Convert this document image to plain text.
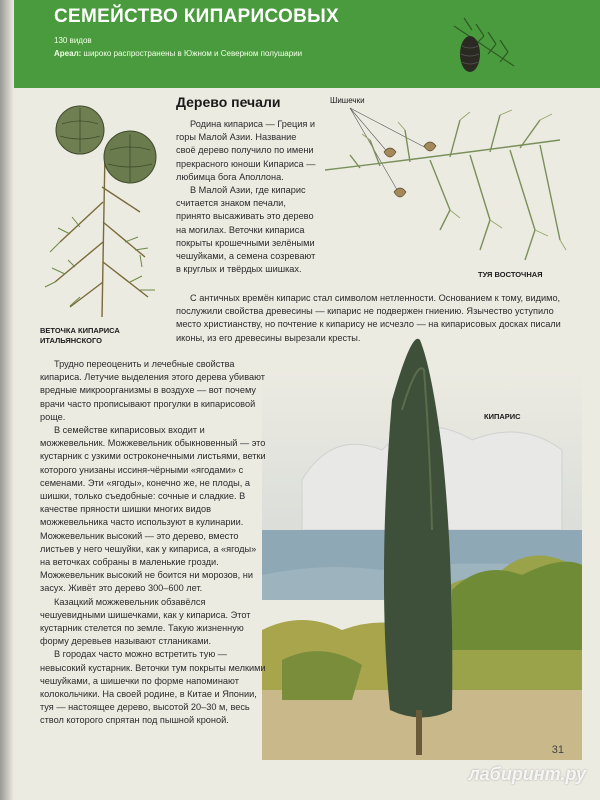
СЕМЕЙСТВО КИПАРИСОВЫХ
130 видов
Ареал: широко распространены в Южном и Северном полушарии
ВЕТОЧКА КИПАРИСА ИТАЛЬЯНСКОГО
Дерево печали

Родина кипариса — Греция и горы Малой Азии. Название своё дерево получило по имени прекрасного юноши Кипариса — любимца бога Аполлона.

В Малой Азии, где кипарис считается знаком печали, принято высаживать это дерево на могилах. Веточки кипариса покрыты крошечными зелёными чешуйками, а семена созревают в круглых и твёрдых шишках.

Шишечки
ТУЯ ВОСТОЧНАЯ

С античных времён кипарис стал символом нетленности. Основанием к тому, видимо, послужили свойства древесины — кипарис не подвержен гниению. Язычество уступило место христианству, но почтение к кипарису не исчезло — на кипарисовых досках писали иконы, из его древесины вырезали кресты.

КИПАРИС

Трудно переоценить и лечебные свойства кипариса. Летучие выделения этого дерева убивают вредные микроорганизмы в воздухе — вот почему врачи часто прописывают прогулки в кипарисовой роще.

В семействе кипарисовых входит и можжевельник. Можжевельник обыкновенный — это кустарник с узкими остроконечными листьями, ветки которого унизаны иссиня-чёрными «ягодами» с семенами. Эти «ягоды», конечно же, не плоды, а шишки, только съедобные: сочные и сладкие. В качестве пряности шишки многих видов можжевельника часто используют в кулинарии. Можжевельник высокий — это дерево, вместо листьев у него чешуйки, как у кипариса, а «ягоды» на веточках собраны в маленькие грозди. Можжевельник высокий не боится ни морозов, ни засух. Живёт это дерево 300–600 лет.

Казацкий можжевельник обзавёлся чешуевидными шишечками, как у кипариса. Этот кустарник стелется по земле. Такую жизненную форму деревьев называют стланиками.

В городах часто можно встретить тую — невысокий кустарник. Веточки тум покрыты мелкими чешуйками, а шишечки по форме напоминают колокольчики. На своей родине, в Китае и Японии, туя — настоящее дерево, высотой 20–30 м, весь ствол которого спрятан под пышной кроной.

31
лабиринт.ру
